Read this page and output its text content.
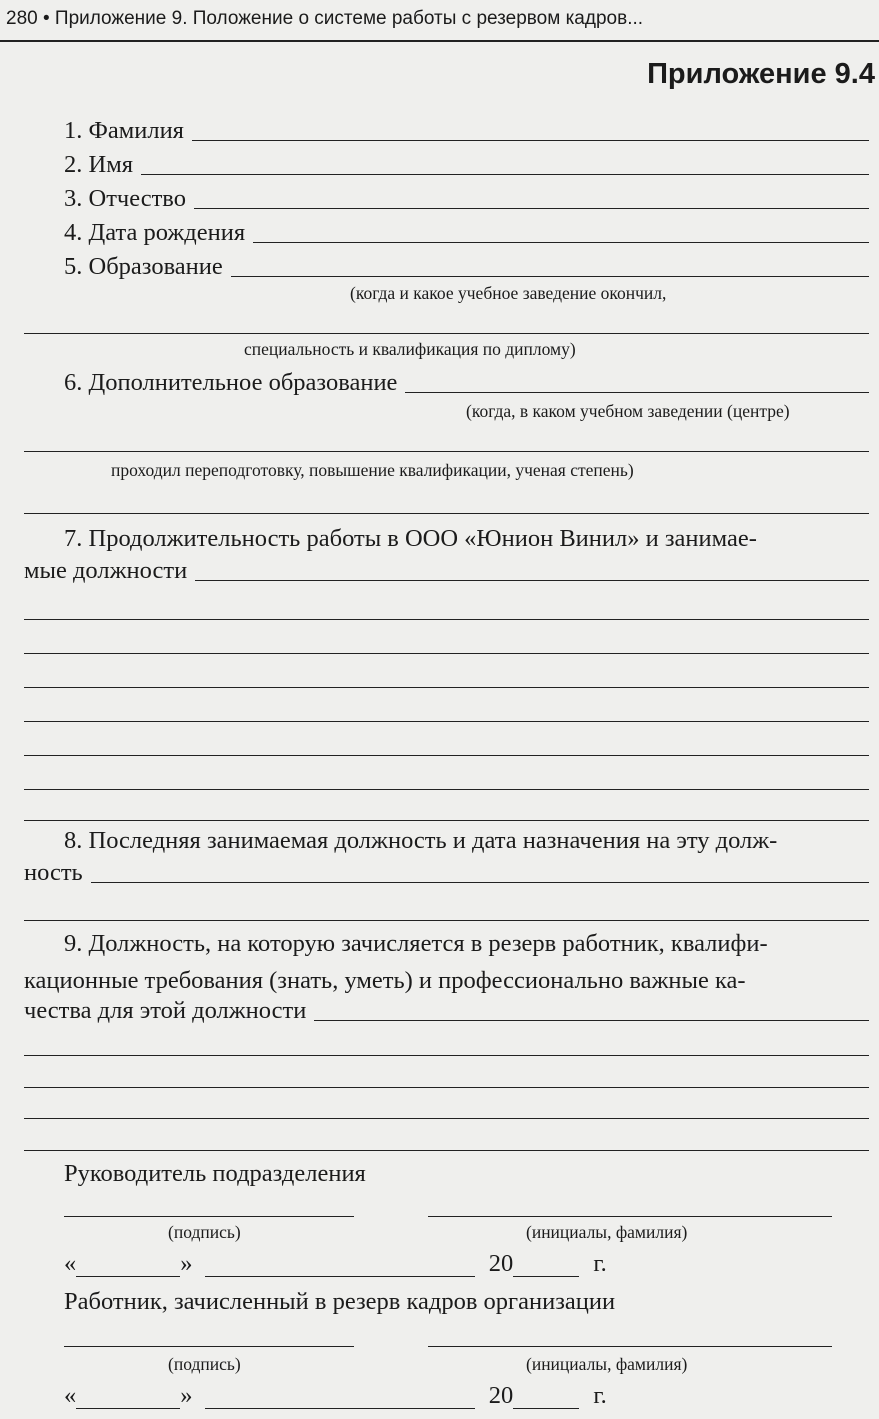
280 • Приложение 9. Положение о системе работы с резервом кадров...
Приложение 9.4
1. Фамилия
2. Имя
3. Отчество
4. Дата рождения
5. Образование
(когда и какое учебное заведение окончил,
специальность и квалификация по диплому)
6. Дополнительное образование
(когда, в каком учебном заведении (центре)
проходил переподготовку, повышение квалификации, ученая степень)
7. Продолжительность работы в ООО «Юнион Винил» и занимае-
мые должности
8. Последняя занимаемая должность и дата назначения на эту долж-
ность
9. Должность, на которую зачисляется в резерв работник, квалифи-
кационные требования (знать, уметь) и профессионально важные ка-
чества для этой должности
Руководитель подразделения
(подпись)	(инициалы, фамилия)
«	»	20	г.
Работник, зачисленный в резерв кадров организации
(подпись)	(инициалы, фамилия)
«	»	20	г.
